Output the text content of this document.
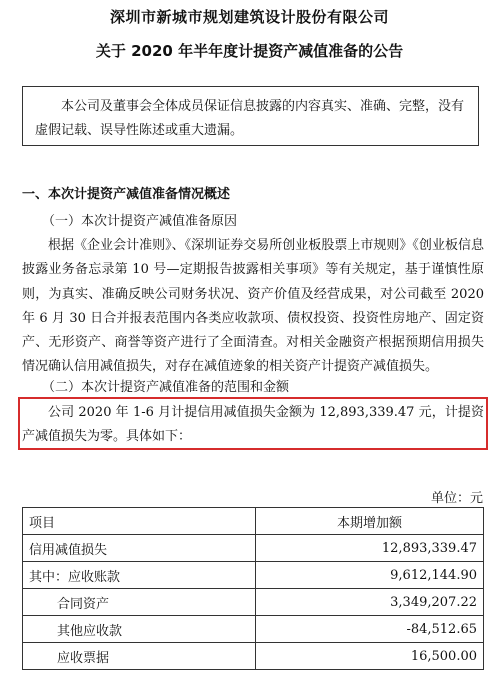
深圳市新城市规划建筑设计股份有限公司
关于 2020 年半年度计提资产减值准备的公告

本公司及董事会全体成员保证信息披露的内容真实、准确、完整，没有虚假记载、误导性陈述或重大遗漏。

一、本次计提资产减值准备情况概述
（一）本次计提资产减值准备原因

根据《企业会计准则》、《深圳证券交易所创业板股票上市规则》《创业板信息披露业务备忘录第 10 号—定期报告披露相关事项》等有关规定，基于谨慎性原则，为真实、准确反映公司财务状况、资产价值及经营成果，对公司截至 2020 年 6 月 30 日合并报表范围内各类应收款项、债权投资、投资性房地产、固定资产、无形资产、商誉等资产进行了全面清查。对相关金融资产根据预期信用损失情况确认信用减值损失，对存在减值迹象的相关资产计提资产减值损失。

（二）本次计提资产减值准备的范围和金额

公司 2020 年 1-6 月计提信用减值损失金额为 12,893,339.47 元，计提资产减值损失为零。具体如下：

单位：元
项目	本期增加额
信用减值损失	12,893,339.47
其中：应收账款	9,612,144.90
合同资产	3,349,207.22
其他应收款	-84,512.65
应收票据	16,500.00
